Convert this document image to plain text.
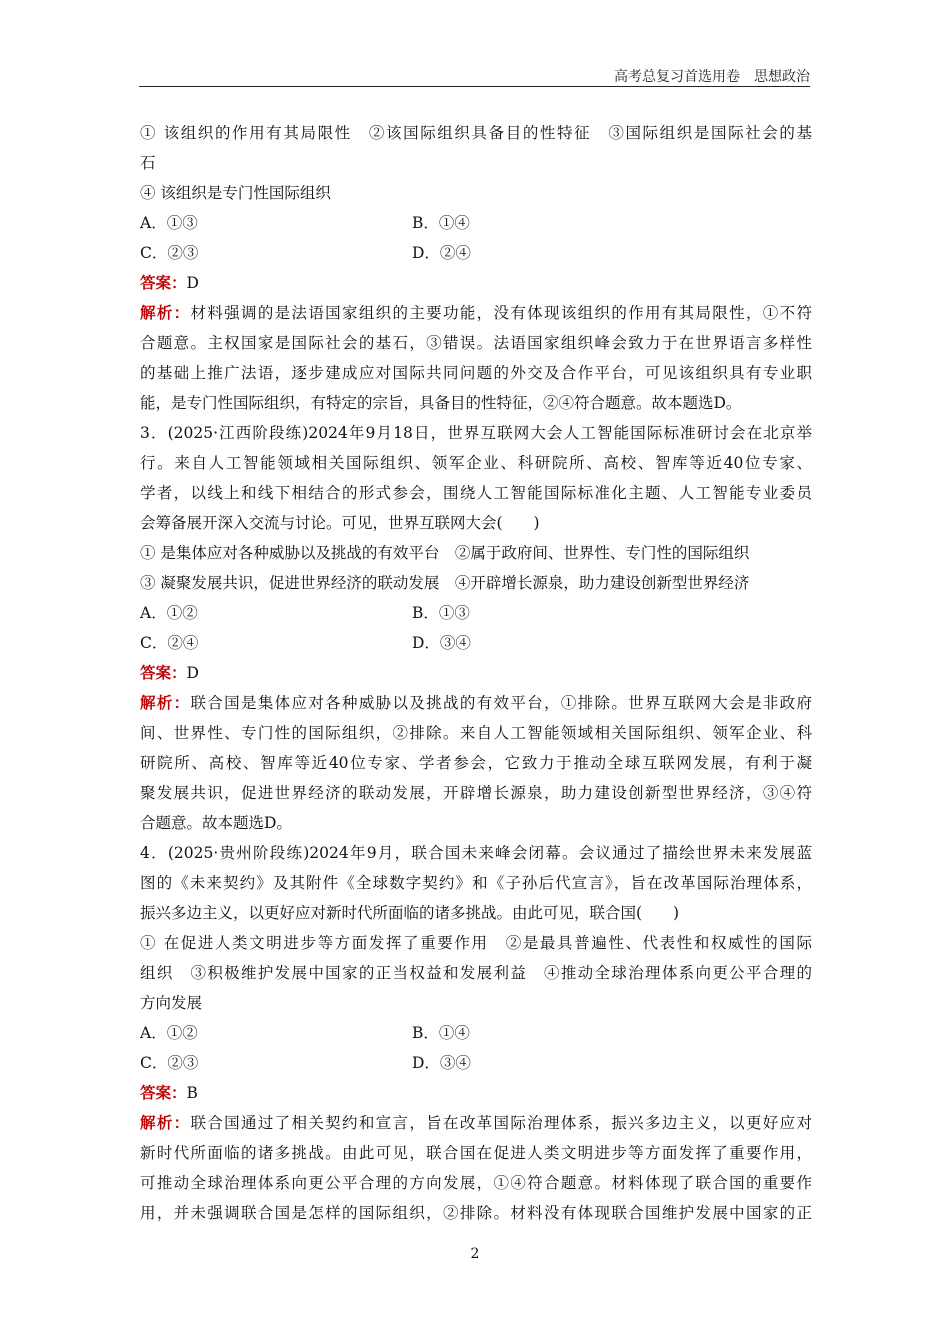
高考总复习首选用卷　思想政治
① 该组织的作用有其局限性　②该国际组织具备目的性特征　③国际组织是国际社会的基
石
④ 该组织是专门性国际组织
A．①③	B．①④
C．②③	D．②④
答案：D
解析：材料强调的是法语国家组织的主要功能，没有体现该组织的作用有其局限性，①不符
合题意。主权国家是国际社会的基石，③错误。法语国家组织峰会致力于在世界语言多样性
的基础上推广法语，逐步建成应对国际共同问题的外交及合作平台，可见该组织具有专业职
能，是专门性国际组织，有特定的宗旨，具备目的性特征，②④符合题意。故本题选D。
3．(2025·江西阶段练)2024年9月18日，世界互联网大会人工智能国际标准研讨会在北京举
行。来自人工智能领域相关国际组织、领军企业、科研院所、高校、智库等近40位专家、
学者，以线上和线下相结合的形式参会，围绕人工智能国际标准化主题、人工智能专业委员
会筹备展开深入交流与讨论。可见，世界互联网大会(　　)
① 是集体应对各种威胁以及挑战的有效平台　②属于政府间、世界性、专门性的国际组织
③ 凝聚发展共识，促进世界经济的联动发展　④开辟增长源泉，助力建设创新型世界经济
A．①②	B．①③
C．②④	D．③④
答案：D
解析：联合国是集体应对各种威胁以及挑战的有效平台，①排除。世界互联网大会是非政府
间、世界性、专门性的国际组织，②排除。来自人工智能领域相关国际组织、领军企业、科
研院所、高校、智库等近40位专家、学者参会，它致力于推动全球互联网发展，有利于凝
聚发展共识，促进世界经济的联动发展，开辟增长源泉，助力建设创新型世界经济，③④符
合题意。故本题选D。
4．(2025·贵州阶段练)2024年9月，联合国未来峰会闭幕。会议通过了描绘世界未来发展蓝
图的《未来契约》及其附件《全球数字契约》和《子孙后代宣言》，旨在改革国际治理体系，
振兴多边主义，以更好应对新时代所面临的诸多挑战。由此可见，联合国(　　)
① 在促进人类文明进步等方面发挥了重要作用　②是最具普遍性、代表性和权威性的国际
组织　③积极维护发展中国家的正当权益和发展利益　④推动全球治理体系向更公平合理的
方向发展
A．①②	B．①④
C．②③	D．③④
答案：B
解析：联合国通过了相关契约和宣言，旨在改革国际治理体系，振兴多边主义，以更好应对
新时代所面临的诸多挑战。由此可见，联合国在促进人类文明进步等方面发挥了重要作用，
可推动全球治理体系向更公平合理的方向发展，①④符合题意。材料体现了联合国的重要作
用，并未强调联合国是怎样的国际组织，②排除。材料没有体现联合国维护发展中国家的正
2
